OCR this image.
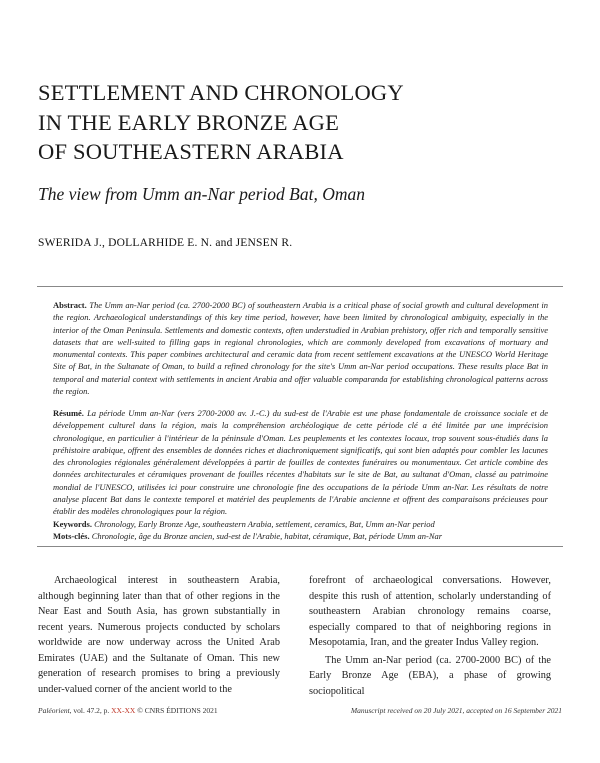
SETTLEMENT AND CHRONOLOGY
IN THE EARLY BRONZE AGE
OF SOUTHEASTERN ARABIA
The view from Umm an-Nar period Bat, Oman
SWERIDA J., DOLLARHIDE E. N. and JENSEN R.
Abstract. The Umm an-Nar period (ca. 2700-2000 BC) of southeastern Arabia is a critical phase of social growth and cultural development in the region. Archaeological understandings of this key time period, however, have been limited by chronological ambiguity, especially in the interior of the Oman Peninsula. Settlements and domestic contexts, often understudied in Arabian prehistory, offer rich and temporally sensitive datasets that are well-suited to filling gaps in regional chronologies, which are commonly developed from excavations of mortuary and monumental contexts. This paper combines architectural and ceramic data from recent settlement excavations at the UNESCO World Heritage Site of Bat, in the Sultanate of Oman, to build a refined chronology for the site's Umm an-Nar period occupations. These results place Bat in temporal and material context with settlements in ancient Arabia and offer valuable comparanda for establishing chronological patterns across the region.
Résumé. La période Umm an-Nar (vers 2700-2000 av. J.-C.) du sud-est de l'Arabie est une phase fondamentale de croissance sociale et de développement culturel dans la région, mais la compréhension archéologique de cette période clé a été limitée par une imprécision chronologique, en particulier à l'intérieur de la péninsule d'Oman. Les peuplements et les contextes locaux, trop souvent sous-étudiés dans la préhistoire arabique, offrent des ensembles de données riches et diachroniquement significatifs, qui sont bien adaptés pour combler les lacunes des chronologies régionales généralement développées à partir de fouilles de contextes funéraires ou monumentaux. Cet article combine des données architecturales et céramiques provenant de fouilles récentes d'habitats sur le site de Bat, au sultanat d'Oman, classé au patrimoine mondial de l'UNESCO, utilisées ici pour construire une chronologie fine des occupations de la période Umm an-Nar. Les résultats de notre analyse placent Bat dans le contexte temporel et matériel des peuplements de l'Arabie ancienne et offrent des comparaisons précieuses pour établir des modèles chronologiques pour la région.
Keywords. Chronology, Early Bronze Age, southeastern Arabia, settlement, ceramics, Bat, Umm an-Nar period
Mots-clés. Chronologie, âge du Bronze ancien, sud-est de l'Arabie, habitat, céramique, Bat, période Umm an-Nar

Archaeological interest in southeastern Arabia, although beginning later than that of other regions in the Near East and South Asia, has grown substantially in recent years. Numerous projects conducted by scholars worldwide are now underway across the United Arab Emirates (UAE) and the Sultanate of Oman. This new generation of research promises to bring a previously under-valued corner of the ancient world to the

forefront of archaeological conversations. However, despite this rush of attention, scholarly understanding of southeastern Arabian chronology remains coarse, especially compared to that of neighboring regions in Mesopotamia, Iran, and the greater Indus Valley region.

The Umm an-Nar period (ca. 2700-2000 BC) of the Early Bronze Age (EBA), a phase of growing sociopolitical

Paléorient, vol. 47.2, p. XX-XX © CNRS ÉDITIONS 2021	Manuscript received on 20 July 2021, accepted on 16 September 2021
